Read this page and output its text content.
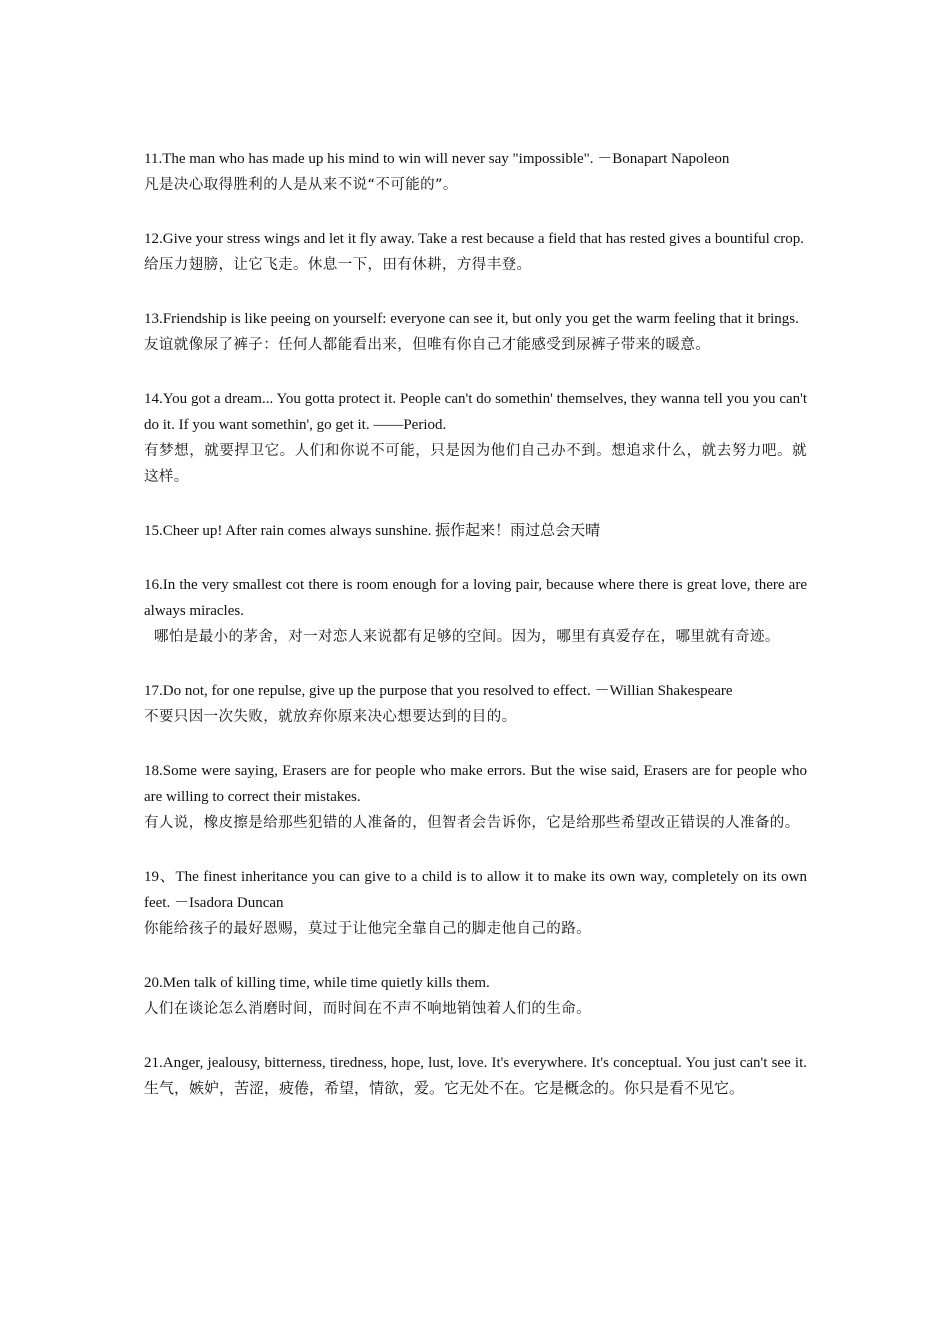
11.The man who has made up his mind to win will never say "impossible". －Bonapart Napoleon
凡是决心取得胜利的人是从来不说“不可能的”。
12.Give your stress wings and let it fly away. Take a rest because a field that has rested gives a bountiful crop.
给压力翅膀，让它飞走。休息一下，田有休耕，方得丰登。
13.Friendship is like peeing on yourself: everyone can see it, but only you get the warm feeling that it brings.
友谊就像尿了裤子：任何人都能看出来，但唯有你自己才能感受到尿裤子带来的暖意。
14.You got a dream... You gotta protect it. People can't do somethin' themselves, they wanna tell you you can't do it. If you want somethin', go get it. ——Period.
有梦想，就要捍卫它。人们和你说不可能，只是因为他们自己办不到。想追求什么，就去努力吧。就这样。
15.Cheer up! After rain comes always sunshine. 振作起来！雨过总会天晴
16.In the very smallest cot there is room enough for a loving pair, because where there is great love, there are always miracles.
哪怕是最小的茅舍，对一对恋人来说都有足够的空间。因为，哪里有真爱存在，哪里就有奇迹。
17.Do not, for one repulse, give up the purpose that you resolved to effect. －Willian Shakespeare
不要只因一次失败，就放弃你原来决心想要达到的目的。
18.Some were saying, Erasers are for people who make errors. But the wise said, Erasers are for people who are willing to correct their mistakes.
有人说，橡皮擦是给那些犯错的人准备的，但智者会告诉你，它是给那些希望改正错误的人准备的。
19、The finest inheritance you can give to a child is to allow it to make its own way, completely on its own feet. －Isadora Duncan
你能给孩子的最好恩赐，莫过于让他完全靠自己的脚走他自己的路。
20.Men talk of killing time, while time quietly kills them.
人们在谈论怎么消磨时间，而时间在不声不响地销蚀着人们的生命。
21.Anger, jealousy, bitterness, tiredness, hope, lust, love. It's everywhere. It's conceptual. You just can't see it. 生气，嫉妒，苦涩，疲倦，希望，情欲，爱。它无处不在。它是概念的。你只是看不见它。
